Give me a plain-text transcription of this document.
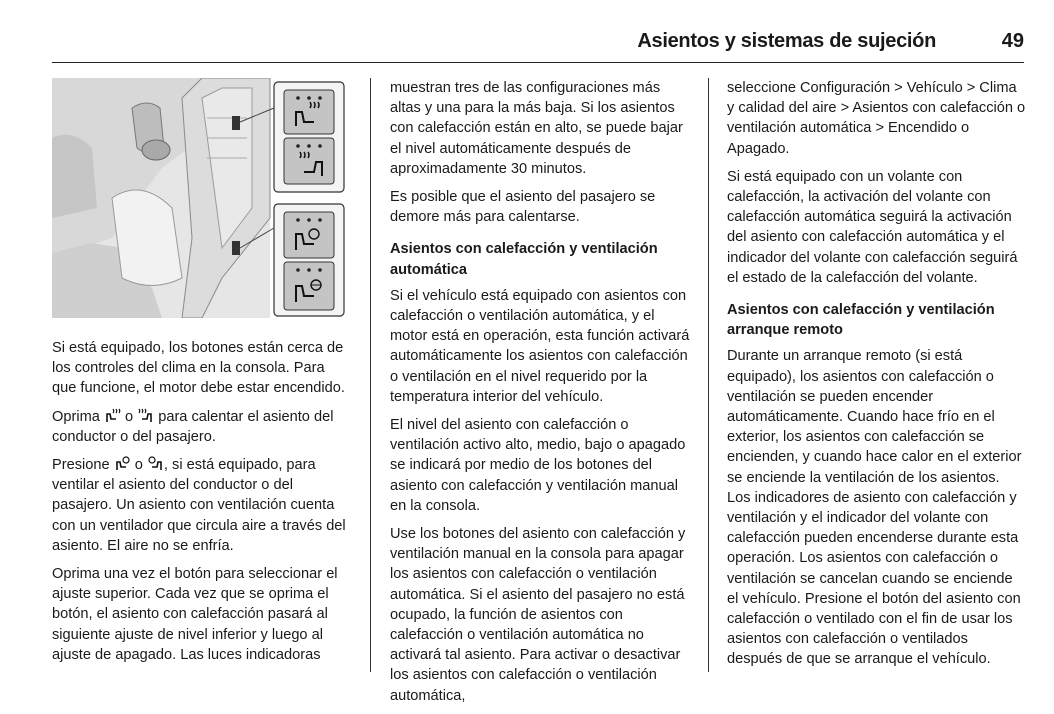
Asientos y sistemas de sujeción	49

Si está equipado, los botones están cerca de los controles del clima en la consola. Para que funcione, el motor debe estar encendido.

Oprima o para calentar el asiento del conductor o del pasajero.

Presione o , si está equipado, para ventilar el asiento del conductor o del pasajero. Un asiento con ventilación cuenta con un ventilador que circula aire a través del asiento. El aire no se enfría.

Oprima una vez el botón para seleccionar el ajuste superior. Cada vez que se oprima el botón, el asiento con calefacción pasará al siguiente ajuste de nivel inferior y luego al ajuste de apagado. Las luces indicadoras

muestran tres de las configuraciones más altas y una para la más baja. Si los asientos con calefacción están en alto, se puede bajar el nivel automáticamente después de aproximadamente 30 minutos.

Es posible que el asiento del pasajero se demore más para calentarse.

Asientos con calefacción y ventilación automática

Si el vehículo está equipado con asientos con calefacción o ventilación automática, y el motor está en operación, esta función activará automáticamente los asientos con calefacción o ventilación en el nivel requerido por la temperatura interior del vehículo.

El nivel del asiento con calefacción o ventilación activo alto, medio, bajo o apagado se indicará por medio de los botones del asiento con calefacción y ventilación manual en la consola.

Use los botones del asiento con calefacción y ventilación manual en la consola para apagar los asientos con calefacción o ventilación automática. Si el asiento del pasajero no está ocupado, la función de asientos con calefacción o ventilación automática no activará tal asiento. Para activar o desactivar los asientos con calefacción o ventilación automática,

seleccione Configuración > Vehículo > Clima y calidad del aire > Asientos con calefacción o ventilación automática > Encendido o Apagado.

Si está equipado con un volante con calefacción, la activación del volante con calefacción automática seguirá la activación del asiento con calefacción automática y el indicador del volante con calefacción seguirá el estado de la calefacción del volante.

Asientos con calefacción y ventilación arranque remoto

Durante un arranque remoto (si está equipado), los asientos con calefacción o ventilación se pueden encender automáticamente. Cuando hace frío en el exterior, los asientos con calefacción se encienden, y cuando hace calor en el exterior se enciende la ventilación de los asientos. Los indicadores de asiento con calefacción y ventilación y el indicador del volante con calefacción pueden encenderse durante esta operación. Los asientos con calefacción o ventilación se cancelan cuando se enciende el vehículo. Presione el botón del asiento con calefacción o ventilado con el fin de usar los asientos con calefacción o ventilados después de que se arranque el vehículo.
